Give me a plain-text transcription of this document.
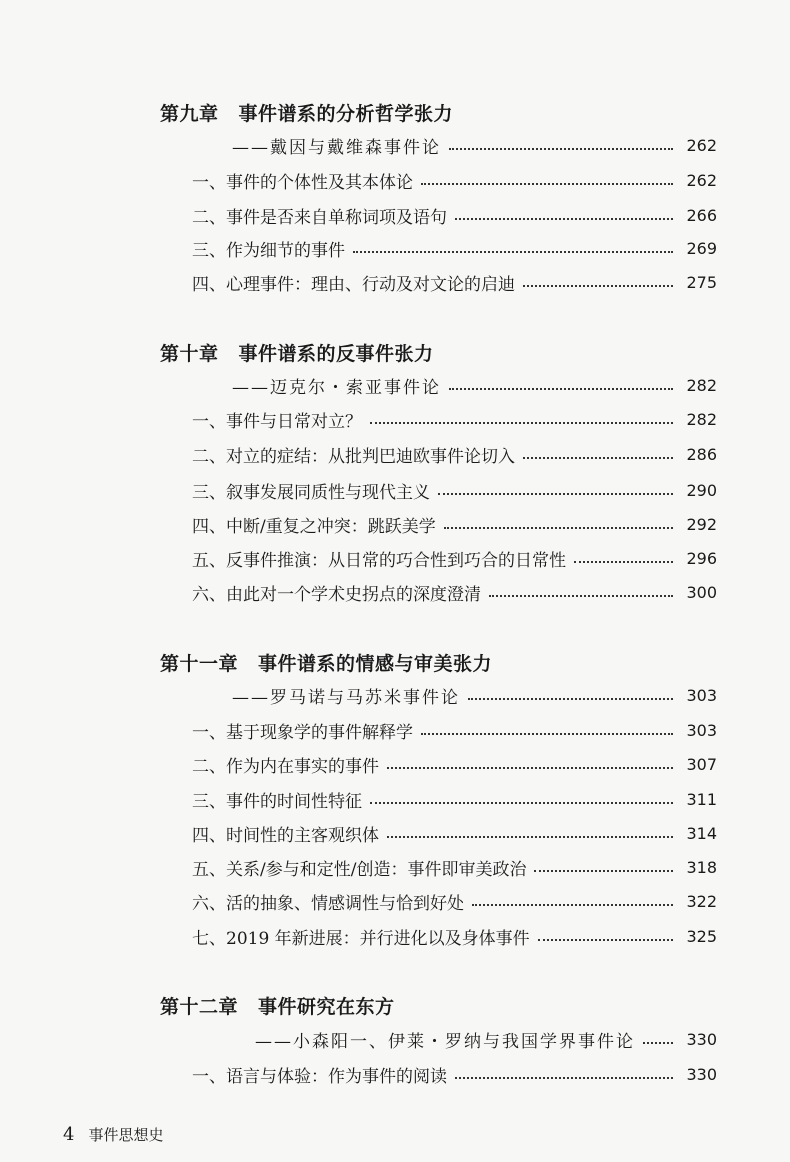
第九章 事件谱系的分析哲学张力
——戴因与戴维森事件论	262
一、事件的个体性及其本体论	262
二、事件是否来自单称词项及语句	266
三、作为细节的事件	269
四、心理事件：理由、行动及对文论的启迪	275
第十章 事件谱系的反事件张力
——迈克尔・索亚事件论	282
一、事件与日常对立？	282
二、对立的症结：从批判巴迪欧事件论切入	286
三、叙事发展同质性与现代主义	290
四、中断/重复之冲突：跳跃美学	292
五、反事件推演：从日常的巧合性到巧合的日常性	296
六、由此对一个学术史拐点的深度澄清	300
第十一章 事件谱系的情感与审美张力
——罗马诺与马苏米事件论	303
一、基于现象学的事件解释学	303
二、作为内在事实的事件	307
三、事件的时间性特征	311
四、时间性的主客观织体	314
五、关系/参与和定性/创造：事件即审美政治	318
六、活的抽象、情感调性与恰到好处	322
七、2019 年新进展：并行进化以及身体事件	325
第十二章 事件研究在东方
——小森阳一、伊莱・罗纳与我国学界事件论	330
一、语言与体验：作为事件的阅读	330
4 事件思想史
